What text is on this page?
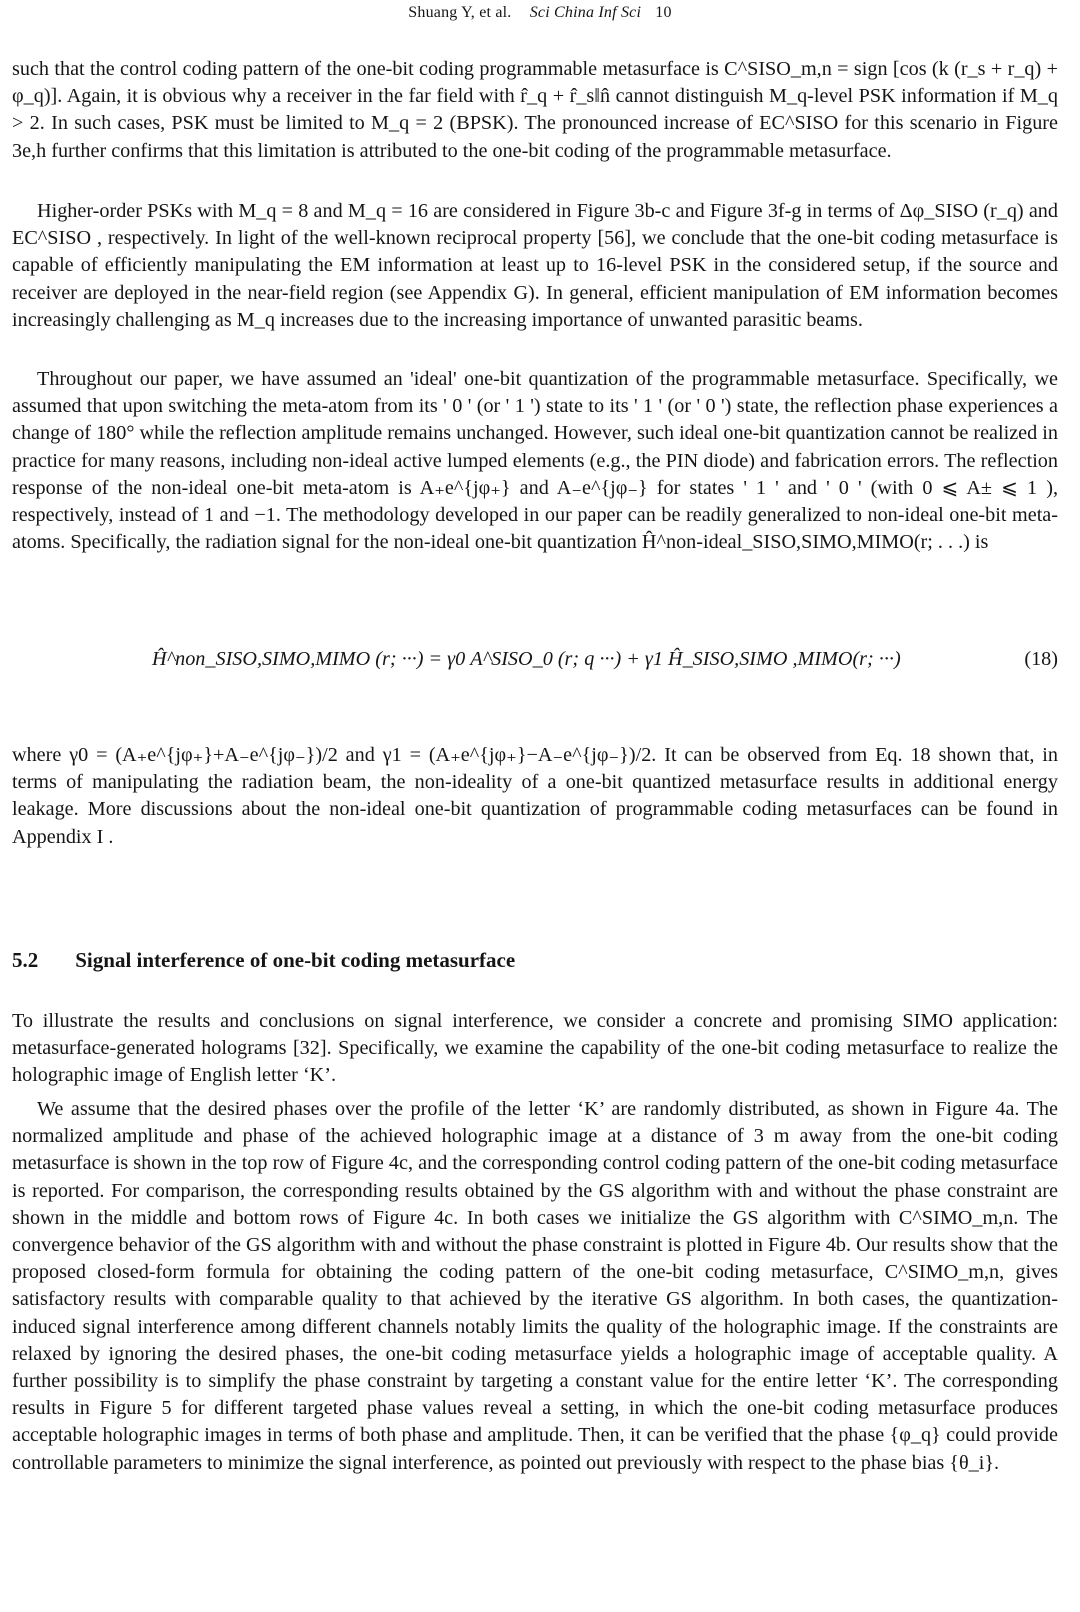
Shuang Y, et al. Sci China Inf Sci 10

such that the control coding pattern of the one-bit coding programmable metasurface is C^SISO_m,n = sign [cos (k (r_s + r_q) + φ_q)]. Again, it is obvious why a receiver in the far field with r̂_q + r̂_s‖n̂ cannot distinguish M_q-level PSK information if M_q > 2. In such cases, PSK must be limited to M_q = 2 (BPSK). The pronounced increase of EC^SISO for this scenario in Figure 3e,h further confirms that this limitation is attributed to the one-bit coding of the programmable metasurface.

Higher-order PSKs with M_q = 8 and M_q = 16 are considered in Figure 3b-c and Figure 3f-g in terms of Δφ_SISO (r_q) and EC^SISO , respectively. In light of the well-known reciprocal property [56], we conclude that the one-bit coding metasurface is capable of efficiently manipulating the EM information at least up to 16-level PSK in the considered setup, if the source and receiver are deployed in the near-field region (see Appendix G). In general, efficient manipulation of EM information becomes increasingly challenging as M_q increases due to the increasing importance of unwanted parasitic beams.

Throughout our paper, we have assumed an 'ideal' one-bit quantization of the programmable metasurface. Specifically, we assumed that upon switching the meta-atom from its ' 0 ' (or ' 1 ') state to its ' 1 ' (or ' 0 ') state, the reflection phase experiences a change of 180° while the reflection amplitude remains unchanged. However, such ideal one-bit quantization cannot be realized in practice for many reasons, including non-ideal active lumped elements (e.g., the PIN diode) and fabrication errors. The reflection response of the non-ideal one-bit meta-atom is A₊e^{jφ₊} and A₋e^{jφ₋} for states ' 1 ' and ' 0 ' (with 0 ⩽ A± ⩽ 1 ), respectively, instead of 1 and −1. The methodology developed in our paper can be readily generalized to non-ideal one-bit meta-atoms. Specifically, the radiation signal for the non-ideal one-bit quantization Ĥ^non-ideal_SISO,SIMO,MIMO(r; . . .) is

Ĥ^non_SISO,SIMO,MIMO (r; ···) = γ0 A^SISO_0 (r; q ···) + γ1 Ĥ_SISO,SIMO ,MIMO(r; ···)	(18)

where γ0 = (A₊e^{jφ₊}+A₋e^{jφ₋})/2 and γ1 = (A₊e^{jφ₊}−A₋e^{jφ₋})/2. It can be observed from Eq. 18 shown that, in terms of manipulating the radiation beam, the non-ideality of a one-bit quantized metasurface results in additional energy leakage. More discussions about the non-ideal one-bit quantization of programmable coding metasurfaces can be found in Appendix I .

5.2 Signal interference of one-bit coding metasurface

To illustrate the results and conclusions on signal interference, we consider a concrete and promising SIMO application: metasurface-generated holograms [32]. Specifically, we examine the capability of the one-bit coding metasurface to realize the holographic image of English letter ‘K’.

We assume that the desired phases over the profile of the letter ‘K’ are randomly distributed, as shown in Figure 4a. The normalized amplitude and phase of the achieved holographic image at a distance of 3 m away from the one-bit coding metasurface is shown in the top row of Figure 4c, and the corresponding control coding pattern of the one-bit coding metasurface is reported. For comparison, the corresponding results obtained by the GS algorithm with and without the phase constraint are shown in the middle and bottom rows of Figure 4c. In both cases we initialize the GS algorithm with C^SIMO_m,n. The convergence behavior of the GS algorithm with and without the phase constraint is plotted in Figure 4b. Our results show that the proposed closed-form formula for obtaining the coding pattern of the one-bit coding metasurface, C^SIMO_m,n, gives satisfactory results with comparable quality to that achieved by the iterative GS algorithm. In both cases, the quantization-induced signal interference among different channels notably limits the quality of the holographic image. If the constraints are relaxed by ignoring the desired phases, the one-bit coding metasurface yields a holographic image of acceptable quality. A further possibility is to simplify the phase constraint by targeting a constant value for the entire letter ‘K’. The corresponding results in Figure 5 for different targeted phase values reveal a setting, in which the one-bit coding metasurface produces acceptable holographic images in terms of both phase and amplitude. Then, it can be verified that the phase {φ_q} could provide controllable parameters to minimize the signal interference, as pointed out previously with respect to the phase bias {θ_i}.
